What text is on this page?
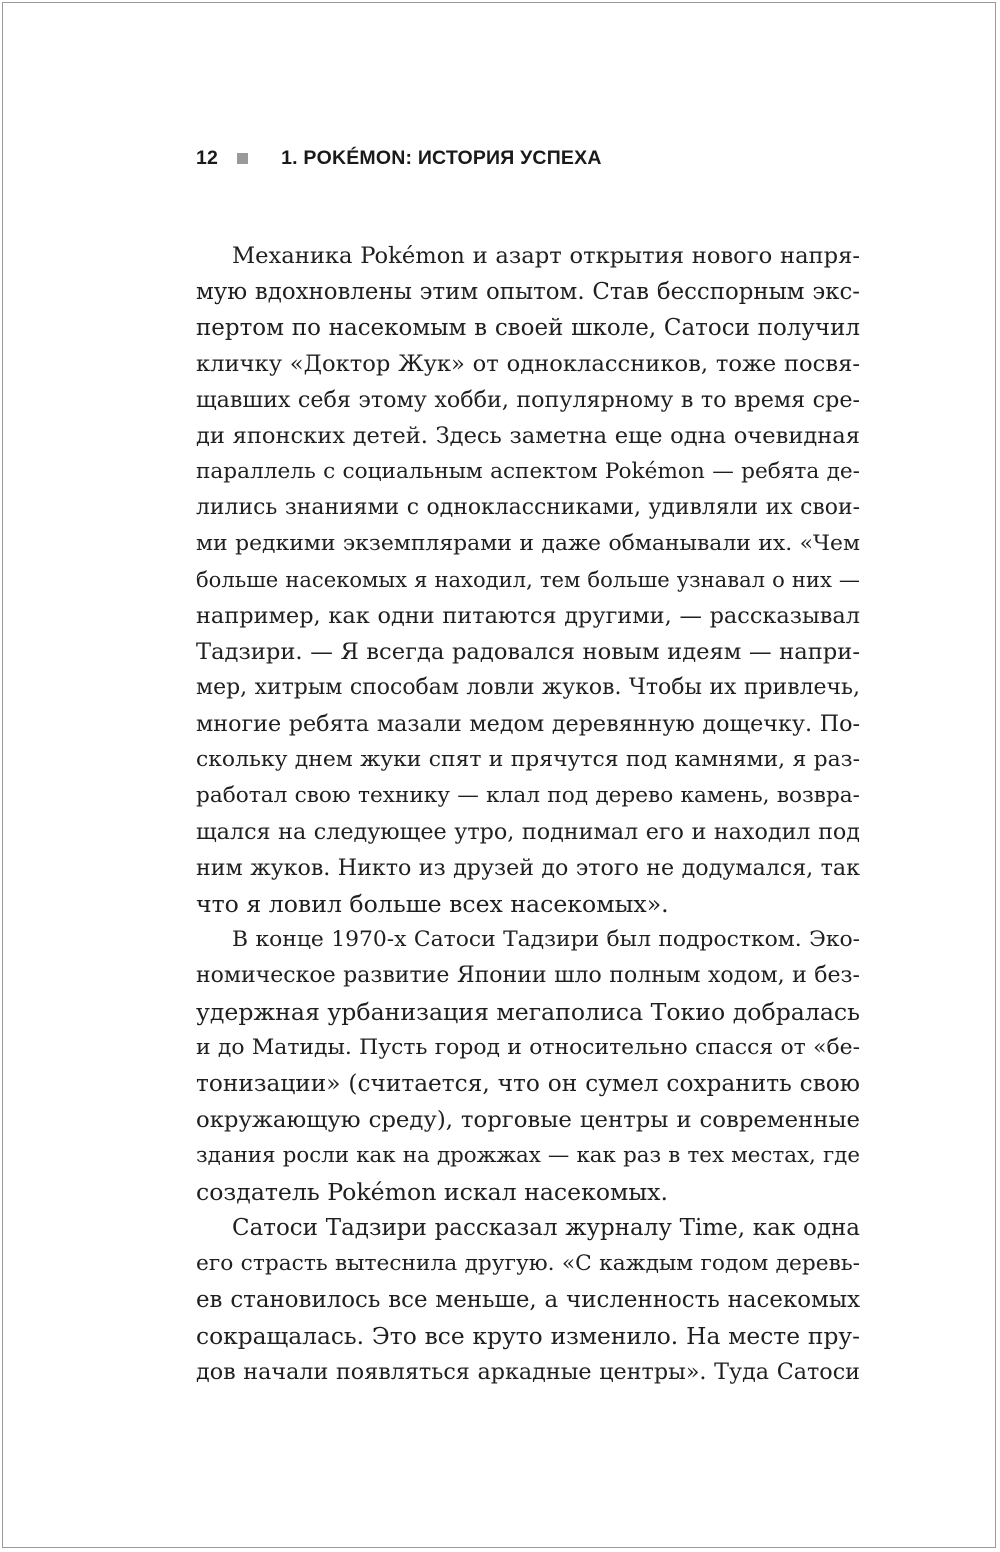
12	1. POKÉMON: ИСТОРИЯ УСПЕХА
Механика Pokémon и азарт открытия нового напря-
мую вдохновлены этим опытом. Став бесспорным экс-
пертом по насекомым в своей школе, Сатоси получил
кличку «Доктор Жук» от одноклассников, тоже посвя-
щавших себя этому хобби, популярному в то время сре-
ди японских детей. Здесь заметна еще одна очевидная
параллель с социальным аспектом Pokémon — ребята де-
лились знаниями с одноклассниками, удивляли их свои-
ми редкими экземплярами и даже обманывали их. «Чем
больше насекомых я находил, тем больше узнавал о них —
например, как одни питаются другими, — рассказывал
Тадзири. — Я всегда радовался новым идеям — напри-
мер, хитрым способам ловли жуков. Чтобы их привлечь,
многие ребята мазали медом деревянную дощечку. По-
скольку днем жуки спят и прячутся под камнями, я раз-
работал свою технику — клал под дерево камень, возвра-
щался на следующее утро, поднимал его и находил под
ним жуков. Никто из друзей до этого не додумался, так
что я ловил больше всех насекомых».
В конце 1970-х Сатоси Тадзири был подростком. Эко-
номическое развитие Японии шло полным ходом, и без-
удержная урбанизация мегаполиса Токио добралась
и до Матиды. Пусть город и относительно спасся от «бе-
тонизации» (считается, что он сумел сохранить свою
окружающую среду), торговые центры и современные
здания росли как на дрожжах — как раз в тех местах, где
создатель Pokémon искал насекомых.
Сатоси Тадзири рассказал журналу Time, как одна
его страсть вытеснила другую. «С каждым годом деревь-
ев становилось все меньше, а численность насекомых
сокращалась. Это все круто изменило. На месте пру-
дов начали появляться аркадные центры». Туда Сатоси
